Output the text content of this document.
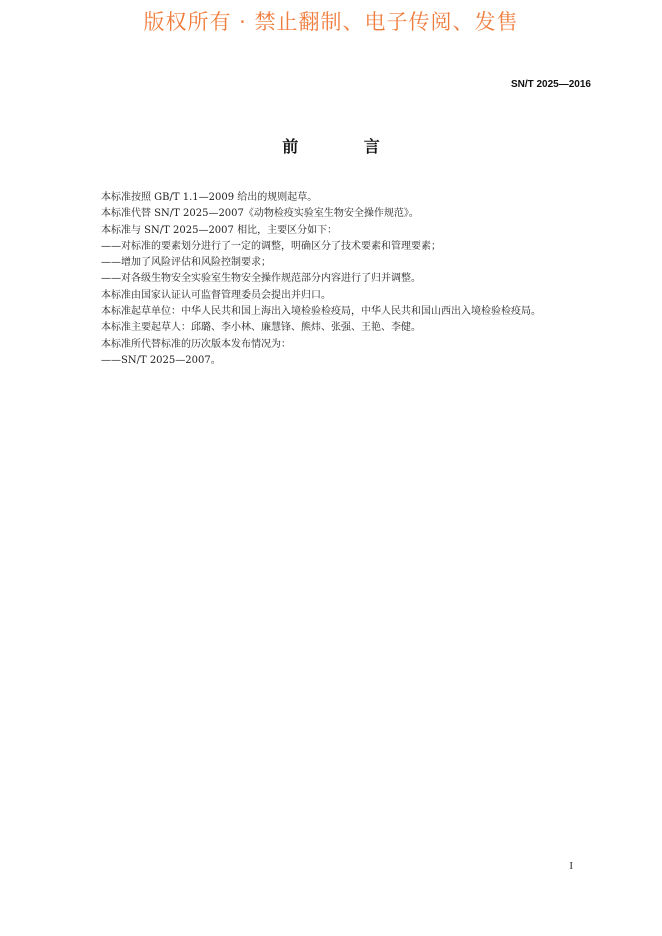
版权所有 · 禁止翻制、电子传阅、发售
SN/T 2025—2016
前 言

本标准按照 GB/T 1.1—2009 给出的规则起草。

本标准代替 SN/T 2025—2007《动物检疫实验室生物安全操作规范》。

本标准与 SN/T 2025—2007 相比，主要区分如下：

——对标准的要素划分进行了一定的调整，明确区分了技术要素和管理要素；

——增加了风险评估和风险控制要求；

——对各级生物安全实验室生物安全操作规范部分内容进行了归并调整。

本标准由国家认证认可监督管理委员会提出并归口。

本标准起草单位：中华人民共和国上海出入境检验检疫局，中华人民共和国山西出入境检验检疫局。

本标准主要起草人：邱璐、李小林、廉慧锋、熊炜、张强、王艳、李健。

本标准所代替标准的历次版本发布情况为：

——SN/T 2025—2007。

I
